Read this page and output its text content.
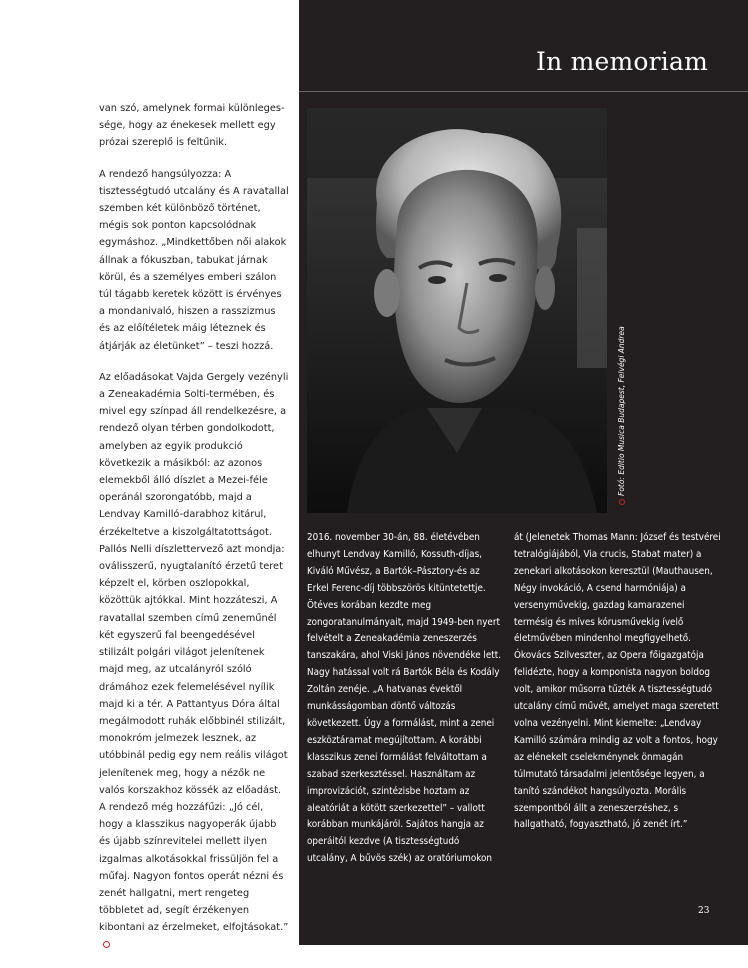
In memoriam

van szó, amelynek formai különleges-sége, hogy az énekesek mellett egy prózai szereplő is feltűnik.

A rendező hangsúlyozza: A tisztességtudó utcalány és A ravatallal szemben két különböző történet, mégis sok ponton kapcsolódnak egymáshoz. „Mindkettőben női alakok állnak a fókuszban, tabukat járnak körül, és a személyes emberi szálon túl tágabb keretek között is érvényes a mondanivaló, hiszen a rasszizmus és az előítéletek máig léteznek és átjárják az életünket” – teszi hozzá.

Az előadásokat Vajda Gergely vezényli a Zeneakadémia Solti-termében, és mivel egy színpad áll rendelkezésre, a rendező olyan térben gondolkodott, amelyben az egyik produkció következik a másikból: az azonos elemekből álló díszlet a Mezei-féle operánál szorongatóbb, majd a Lendvay Kamilló-darabhoz kitárul, érzékeltetve a kiszolgáltatottságot. Pallós Nelli díszlettervező azt mondja: oválisszerű, nyugtalanító érzetű teret képzelt el, körben oszlopokkal, közöttük ajtókkal. Mint hozzáteszi, A ravatallal szemben című zeneműnél két egyszerű fal beengedésével stilizált polgári világot jelenítenek majd meg, az utcalányról szóló drámához ezek felemelésével nyílik majd ki a tér. A Pattantyus Dóra által megálmodott ruhák előbbinél stilizált, monokróm jelmezek lesznek, az utóbbinál pedig egy nem reális világot jelenítenek meg, hogy a nézők ne valós korszakhoz kössék az előadást.

A rendező még hozzáfűzi: „Jó cél, hogy a klasszikus nagyoperák újabb és újabb színrevitelei mellett ilyen izgalmas alkotásokkal frissüljön fel a műfaj. Nagyon fontos operát nézni és zenét hallgatni, mert rengeteg többletet ad, segít érzékenyen kibontani az érzelmeket, elfojtásokat.”

Fotó: Editio Musica Budapest, Felvégi Andrea
2016. november 30-án, 88. életévében elhunyt Lendvay Kamilló, Kossuth-díjas, Kiváló Művész, a Bartók–Pásztory-és az Erkel Ferenc-díj többszörös kitüntetettje. Ötéves korában kezdte meg zongoratanulmányait, majd 1949-ben nyert felvételt a Zeneakadémia zeneszerzés tanszakára, ahol Viski János növendéke lett. Nagy hatással volt rá Bartók Béla és Kodály Zoltán zenéje. „A hatvanas évektől munkásságomban döntő változás következett. Úgy a formálást, mint a zenei eszköztáramat megújítottam. A korábbi klasszikus zenei formálást felváltottam a szabad szerkesztéssel. Használtam az improvizációt, szintézisbe hoztam az aleatóriát a kötött szerkezettel” – vallott korábban munkájáról. Sajátos hangja az operáitól kezdve (A tisztességtudó utcalány, A bűvös szék) az oratóriumokon
át (Jelenetek Thomas Mann: József és testvérei tetralógiájából, Via crucis, Stabat mater) a zenekari alkotásokon keresztül (Mauthausen, Négy invokáció, A csend harmóniája) a versenyművekig, gazdag kamarazenei termésig és míves kórusművekig ívelő életművében mindenhol megfigyelhető. Ókovács Szilveszter, az Opera főigazgatója felidézte, hogy a komponista nagyon boldog volt, amikor műsorra tűzték A tisztességtudó utcalány című művét, amelyet maga szeretett volna vezényelni. Mint kiemelte: „Lendvay Kamilló számára mindig az volt a fontos, hogy az elénekelt cselekménynek önmagán túlmutató társadalmi jelentősége legyen, a tanító szándékot hangsúlyozta. Morális szempontból állt a zeneszerzéshez, s hallgatható, fogyasztható, jó zenét írt.”
23
